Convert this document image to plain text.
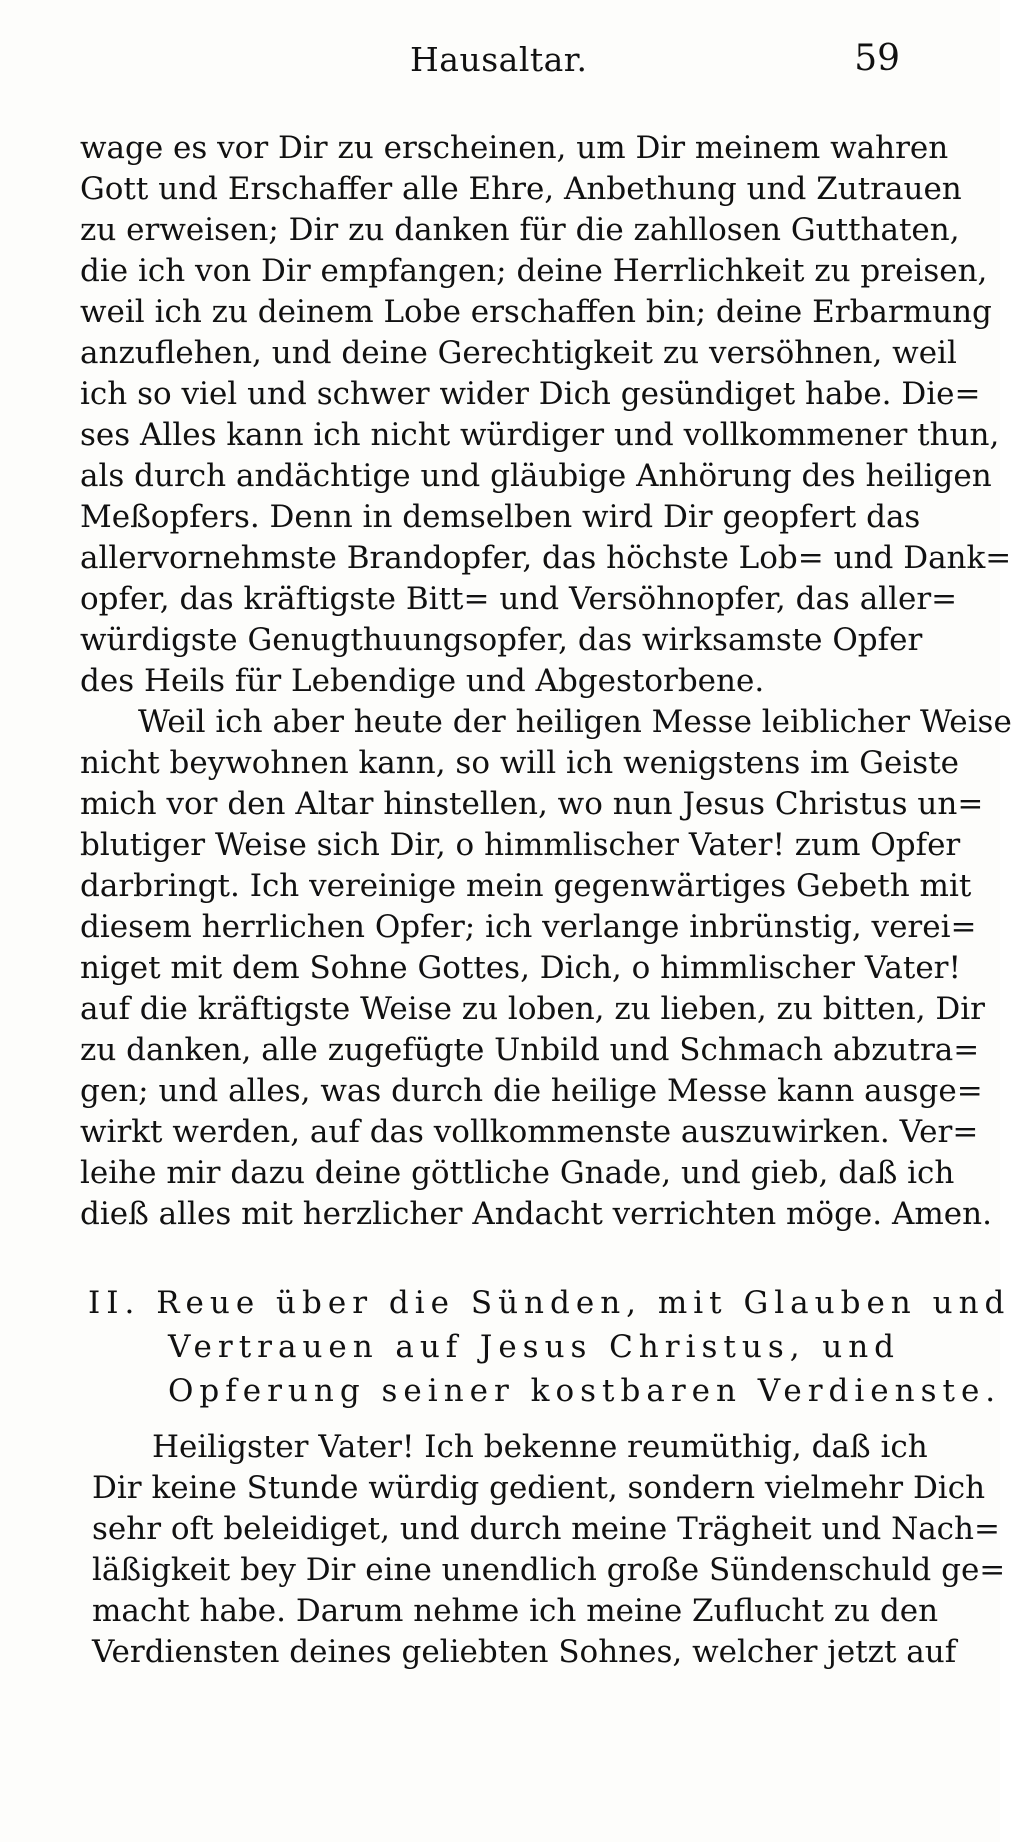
Hausaltar.	59
wage es vor Dir zu erscheinen, um Dir meinem wahren
Gott und Erschaffer alle Ehre, Anbethung und Zutrauen
zu erweisen; Dir zu danken für die zahllosen Gutthaten,
die ich von Dir empfangen; deine Herrlichkeit zu preisen,
weil ich zu deinem Lobe erschaffen bin; deine Erbarmung
anzuflehen, und deine Gerechtigkeit zu versöhnen, weil
ich so viel und schwer wider Dich gesündiget habe. Die=
ses Alles kann ich nicht würdiger und vollkommener thun,
als durch andächtige und gläubige Anhörung des heiligen
Meßopfers. Denn in demselben wird Dir geopfert das
allervornehmste Brandopfer, das höchste Lob= und Dank=
opfer, das kräftigste Bitt= und Versöhnopfer, das aller=
würdigste Genugthuungsopfer, das wirksamste Opfer
des Heils für Lebendige und Abgestorbene.
Weil ich aber heute der heiligen Messe leiblicher Weise
nicht beywohnen kann, so will ich wenigstens im Geiste
mich vor den Altar hinstellen, wo nun Jesus Christus un=
blutiger Weise sich Dir, o himmlischer Vater! zum Opfer
darbringt. Ich vereinige mein gegenwärtiges Gebeth mit
diesem herrlichen Opfer; ich verlange inbrünstig, verei=
niget mit dem Sohne Gottes, Dich, o himmlischer Vater!
auf die kräftigste Weise zu loben, zu lieben, zu bitten, Dir
zu danken, alle zugefügte Unbild und Schmach abzutra=
gen; und alles, was durch die heilige Messe kann ausge=
wirkt werden, auf das vollkommenste auszuwirken. Ver=
leihe mir dazu deine göttliche Gnade, und gieb, daß ich
dieß alles mit herzlicher Andacht verrichten möge. Amen.
II. Reue über die Sünden, mit Glauben und
Vertrauen auf Jesus Christus, und
Opferung seiner kostbaren Verdienste.
Heiligster Vater! Ich bekenne reumüthig, daß ich
Dir keine Stunde würdig gedient, sondern vielmehr Dich
sehr oft beleidiget, und durch meine Trägheit und Nach=
läßigkeit bey Dir eine unendlich große Sündenschuld ge=
macht habe. Darum nehme ich meine Zuflucht zu den
Verdiensten deines geliebten Sohnes, welcher jetzt auf
